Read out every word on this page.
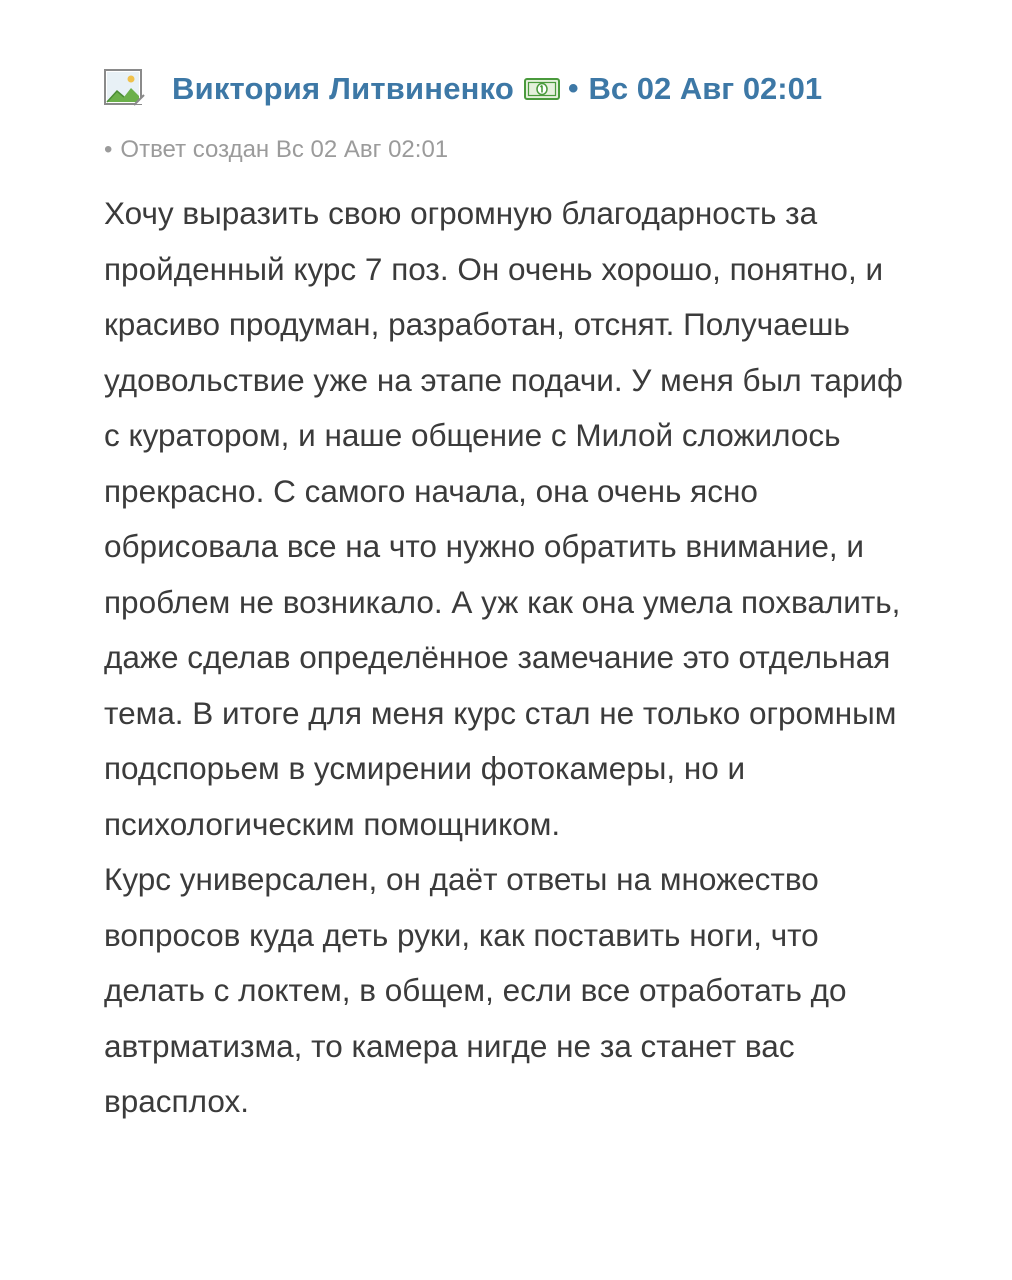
Виктория Литвиненко • Вс 02 Авг 02:01
• Ответ создан Вс 02 Авг 02:01

Хочу выразить свою огромную благодарность за пройденный курс 7 поз. Он очень хорошо, понятно, и красиво продуман, разработан, отснят. Получаешь удовольствие уже на этапе подачи. У меня был тариф с куратором, и наше общение с Милой сложилось прекрасно. С самого начала, она очень ясно обрисовала все на что нужно обратить внимание, и проблем не возникало. А уж как она умела похвалить, даже сделав определённое замечание это отдельная тема. В итоге для меня курс стал не только огромным подспорьем в усмирении фотокамеры, но и психологическим помощником.

Курс универсален, он даёт ответы на множество вопросов куда деть руки, как поставить ноги, что делать с локтем, в общем, если все отработать до автрматизма, то камера нигде не за станет вас врасплох.
